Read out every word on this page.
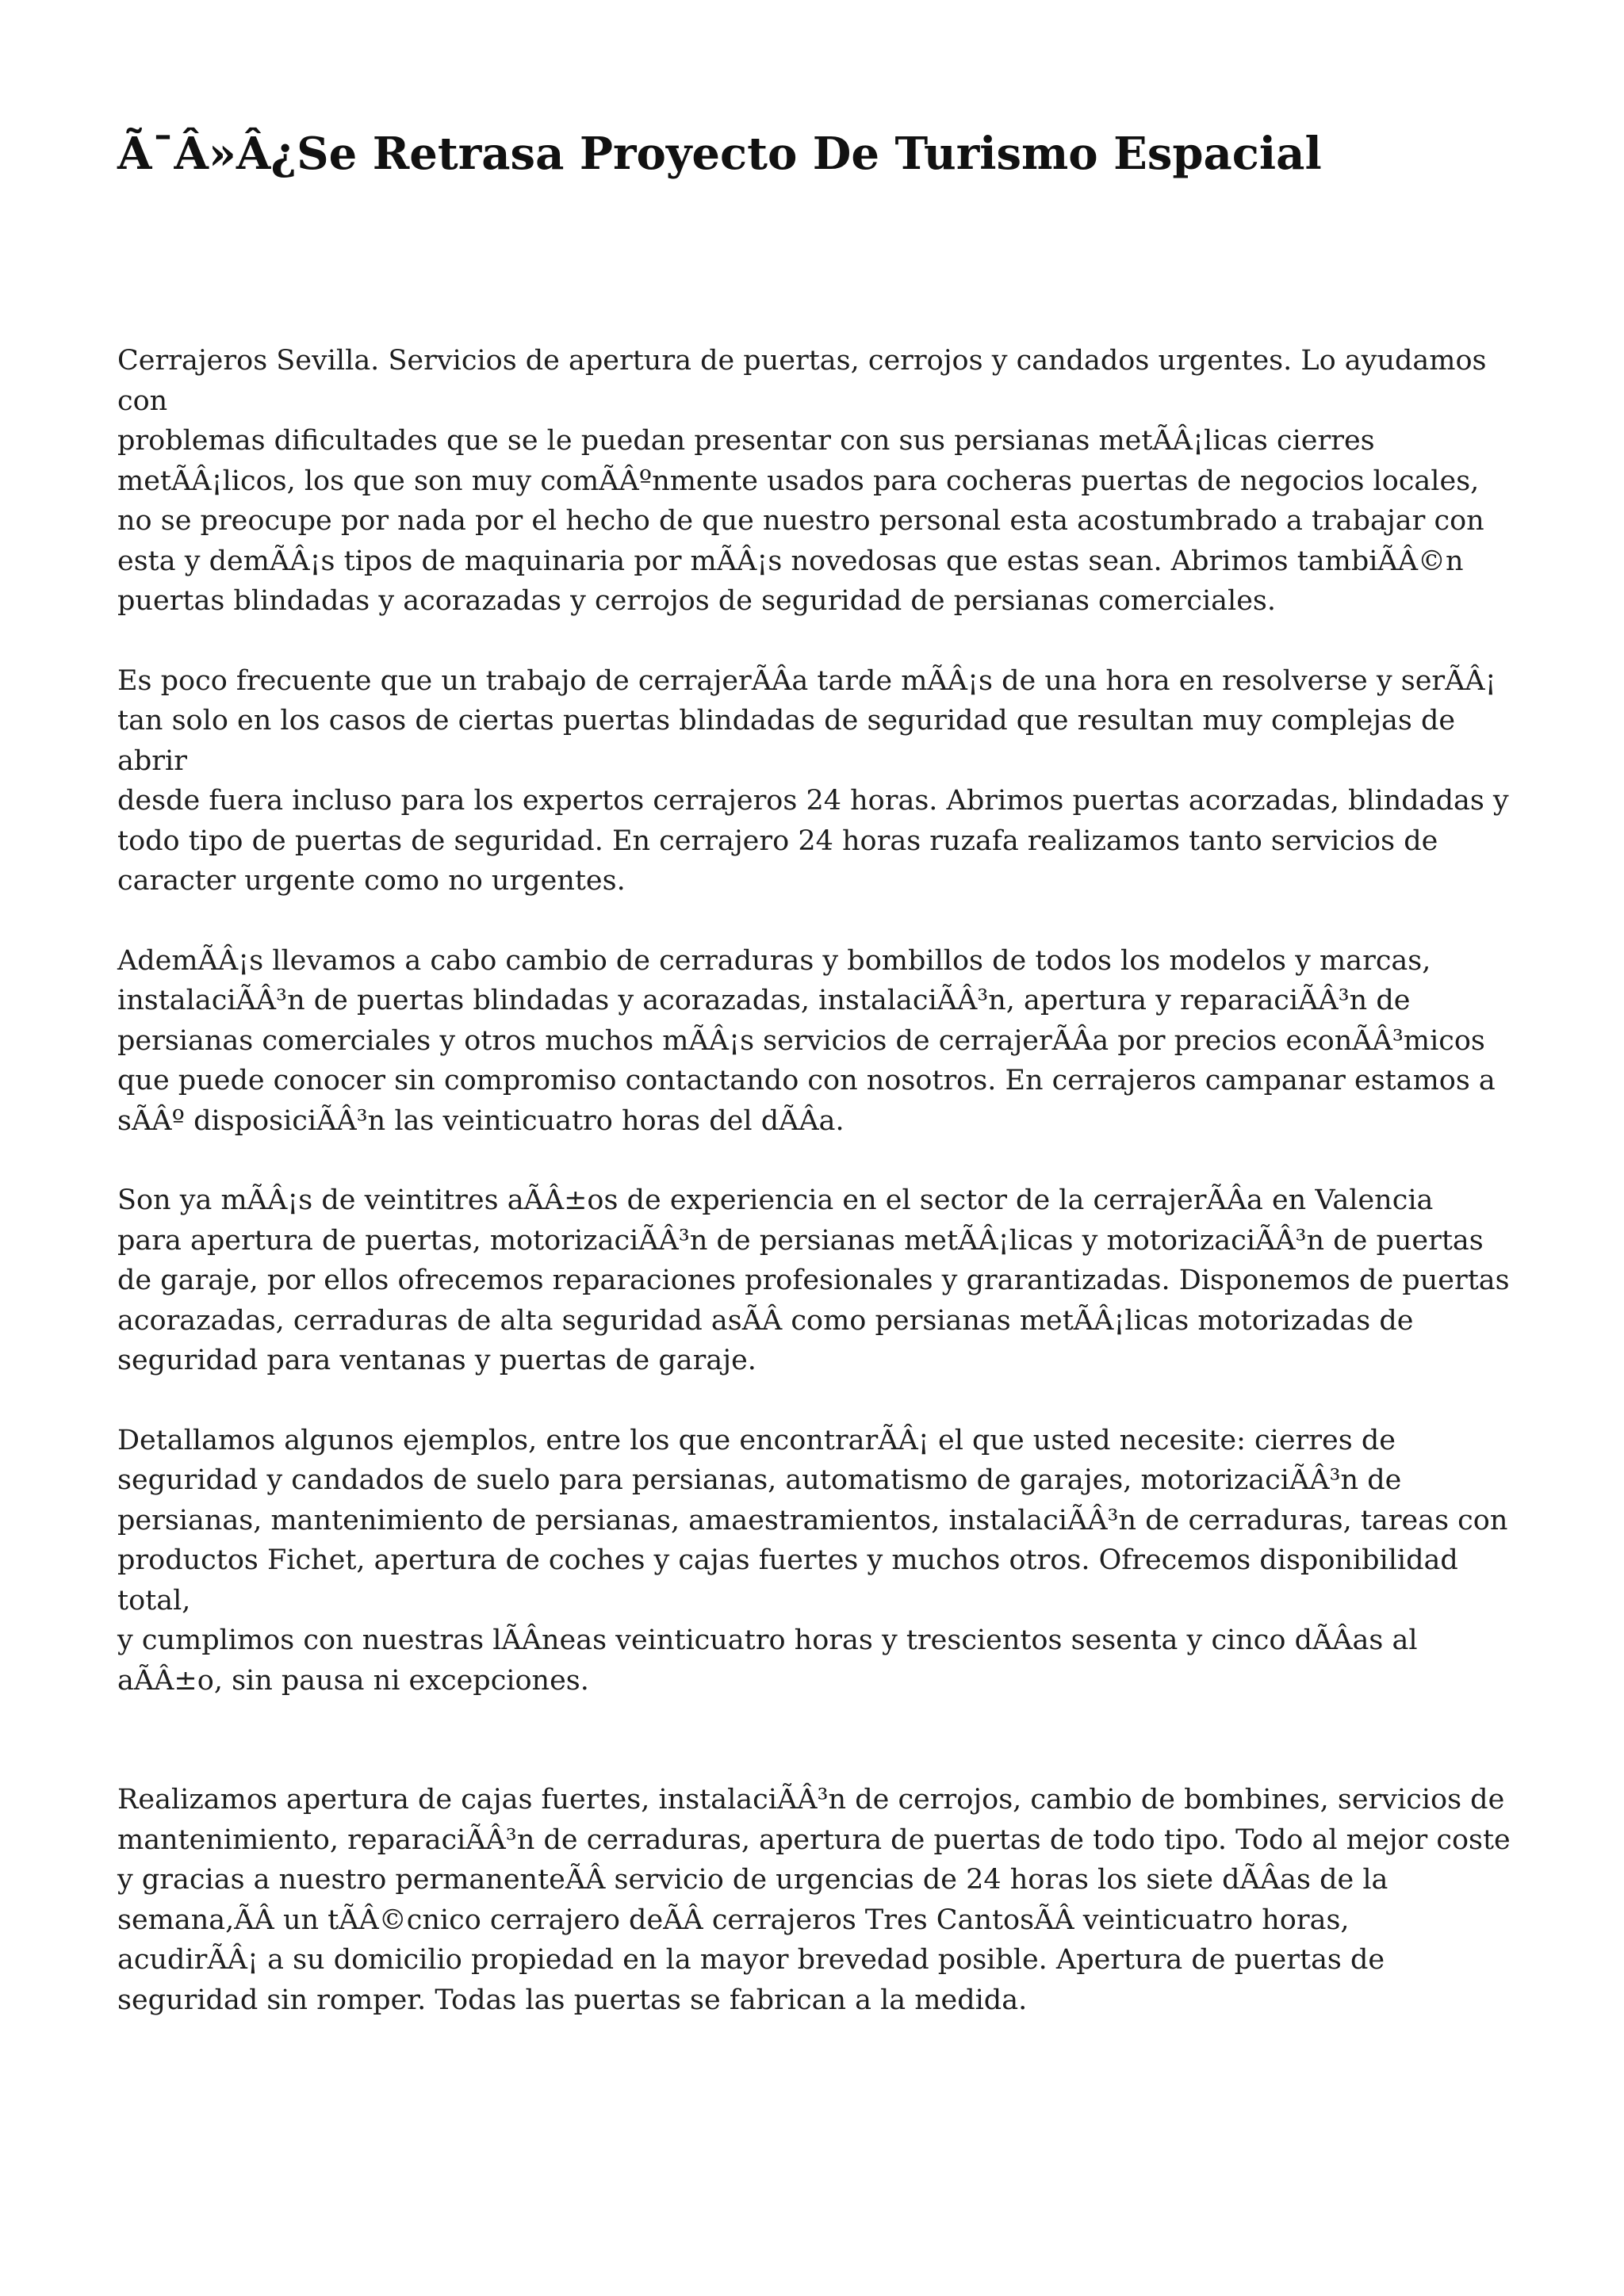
Ã¯Â»Â¿Se Retrasa Proyecto De Turismo Espacial

Cerrajeros Sevilla. Servicios de apertura de puertas, cerrojos y candados urgentes. Lo ayudamos con
problemas dificultades que se le puedan presentar con sus persianas metÃÂ¡licas cierres
metÃÂ¡licos, los que son muy comÃÂºnmente usados para cocheras puertas de negocios locales,
no se preocupe por nada por el hecho de que nuestro personal esta acostumbrado a trabajar con
esta y demÃÂ¡s tipos de maquinaria por mÃÂ¡s novedosas que estas sean. Abrimos tambiÃÂ©n
puertas blindadas y acorazadas y cerrojos de seguridad de persianas comerciales.

Es poco frecuente que un trabajo de cerrajerÃÂa tarde mÃÂ¡s de una hora en resolverse y serÃÂ¡
tan solo en los casos de ciertas puertas blindadas de seguridad que resultan muy complejas de abrir
desde fuera incluso para los expertos cerrajeros 24 horas. Abrimos puertas acorzadas, blindadas y
todo tipo de puertas de seguridad. En cerrajero 24 horas ruzafa realizamos tanto servicios de
caracter urgente como no urgentes.

AdemÃÂ¡s llevamos a cabo cambio de cerraduras y bombillos de todos los modelos y marcas,
instalaciÃÂ³n de puertas blindadas y acorazadas, instalaciÃÂ³n, apertura y reparaciÃÂ³n de
persianas comerciales y otros muchos mÃÂ¡s servicios de cerrajerÃÂa por precios econÃÂ³micos
que puede conocer sin compromiso contactando con nosotros. En cerrajeros campanar estamos a
sÃÂº disposiciÃÂ³n las veinticuatro horas del dÃÂa.

Son ya mÃÂ¡s de veintitres aÃÂ±os de experiencia en el sector de la cerrajerÃÂa en Valencia
para apertura de puertas, motorizaciÃÂ³n de persianas metÃÂ¡licas y motorizaciÃÂ³n de puertas
de garaje, por ellos ofrecemos reparaciones profesionales y grarantizadas. Disponemos de puertas
acorazadas, cerraduras de alta seguridad asÃÂ como persianas metÃÂ¡licas motorizadas de
seguridad para ventanas y puertas de garaje.

Detallamos algunos ejemplos, entre los que encontrarÃÂ¡ el que usted necesite: cierres de
seguridad y candados de suelo para persianas, automatismo de garajes, motorizaciÃÂ³n de
persianas, mantenimiento de persianas, amaestramientos, instalaciÃÂ³n de cerraduras, tareas con
productos Fichet, apertura de coches y cajas fuertes y muchos otros. Ofrecemos disponibilidad total,
y cumplimos con nuestras lÃÂneas veinticuatro horas y trescientos sesenta y cinco dÃÂas al
aÃÂ±o, sin pausa ni excepciones.

Realizamos apertura de cajas fuertes, instalaciÃÂ³n de cerrojos, cambio de bombines, servicios de
mantenimiento, reparaciÃÂ³n de cerraduras, apertura de puertas de todo tipo. Todo al mejor coste
y gracias a nuestro permanenteÃÂ servicio de urgencias de 24 horas los siete dÃÂas de la
semana,ÃÂ un tÃÂ©cnico cerrajero deÃÂ cerrajeros Tres CantosÃÂ veinticuatro horas,
acudirÃÂ¡ a su domicilio propiedad en la mayor brevedad posible. Apertura de puertas de
seguridad sin romper. Todas las puertas se fabrican a la medida.
